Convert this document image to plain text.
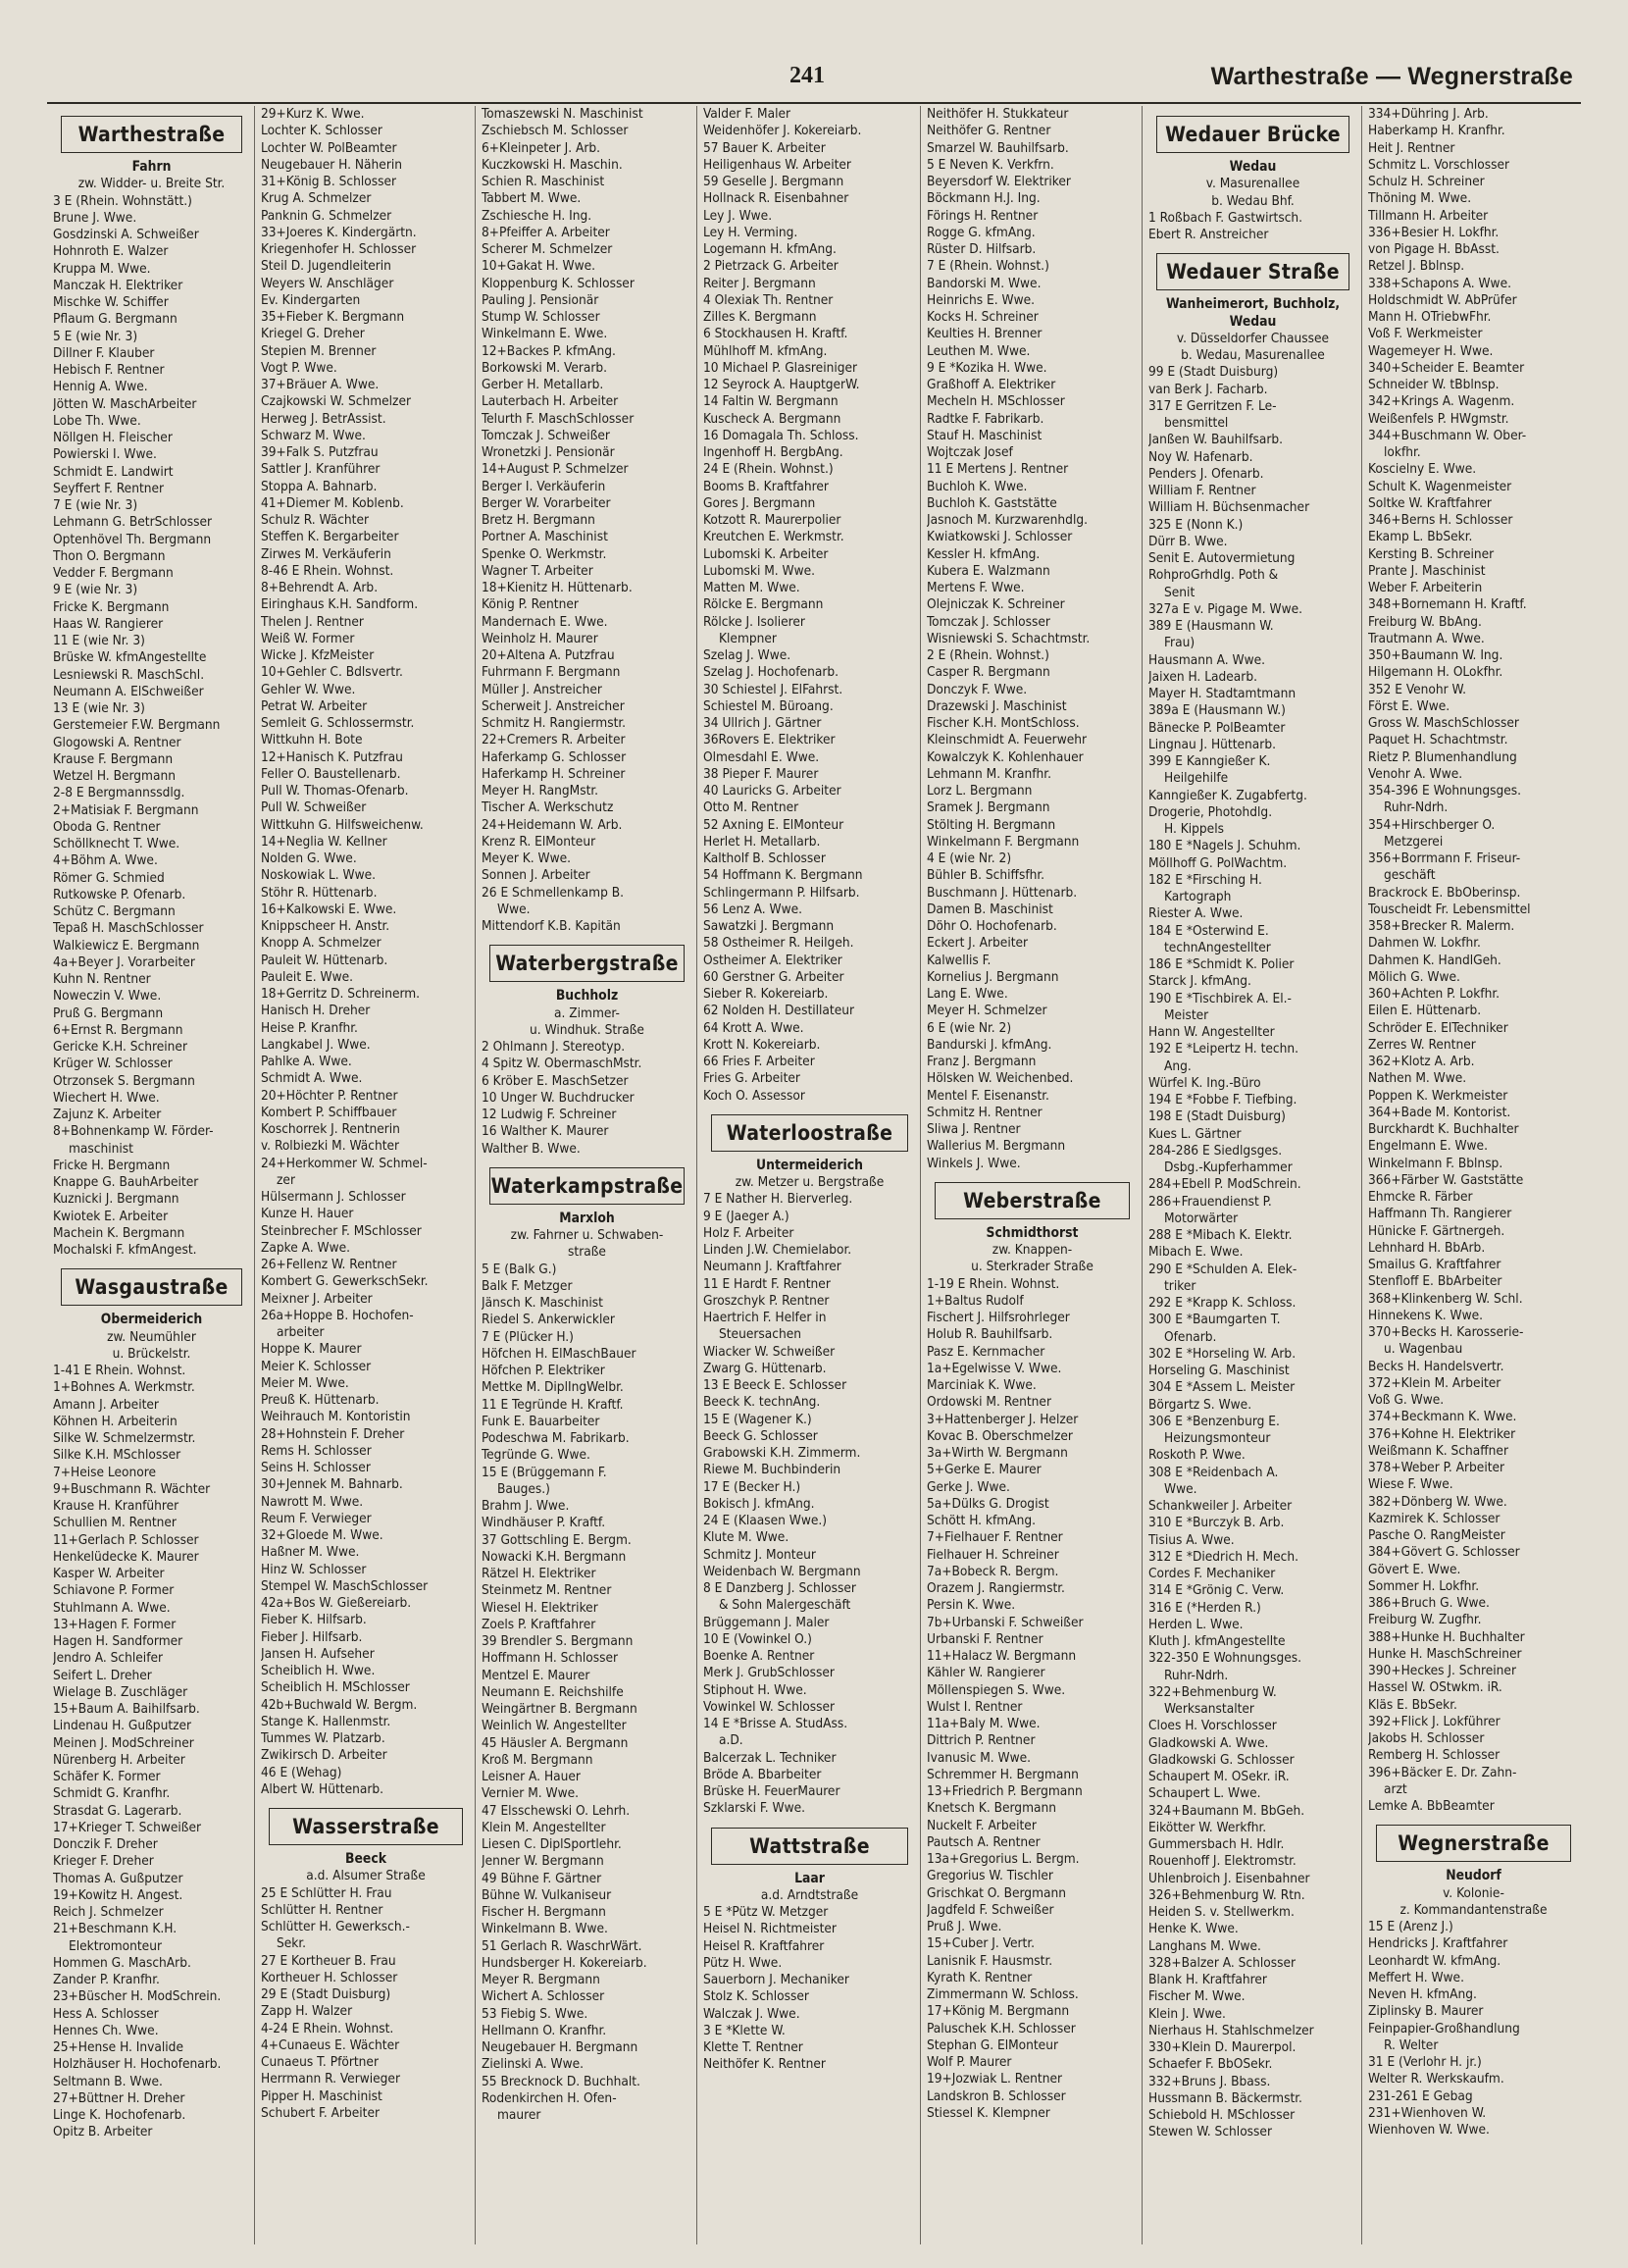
241	Warthestraße — Wegnerstraße
Warthestraße
Fahrn
zw. Widder- u. Breite Str.
3 E (Rhein. Wohnstätt.)
Brune J. Wwe.
Gosdzinski A. Schweißer
Hohnroth E. Walzer
Kruppa M. Wwe.
Manczak H. Elektriker
Mischke W. Schiffer
Pflaum G. Bergmann
5 E (wie Nr. 3)
Dillner F. Klauber
Hebisch F. Rentner
Hennig A. Wwe.
Jötten W. MaschArbeiter
Lobe Th. Wwe.
Nöllgen H. Fleischer
Powierski I. Wwe.
Schmidt E. Landwirt
Seyffert F. Rentner
7 E (wie Nr. 3)
Lehmann G. BetrSchlosser
Optenhövel Th. Bergmann
Thon O. Bergmann
Vedder F. Bergmann
9 E (wie Nr. 3)
Fricke K. Bergmann
Haas W. Rangierer
11 E (wie Nr. 3)
Brüske W. kfmAngestellte
Lesniewski R. MaschSchl.
Neumann A. ElSchweißer
13 E (wie Nr. 3)
Gerstemeier F.W. Bergmann
Glogowski A. Rentner
Krause F. Bergmann
Wetzel H. Bergmann
2-8 E Bergmannssdlg.
2+Matisiak F. Bergmann
Oboda G. Rentner
Schöllknecht T. Wwe.
4+Böhm A. Wwe.
Römer G. Schmied
Rutkowske P. Ofenarb.
Schütz C. Bergmann
Tepaß H. MaschSchlosser
Walkiewicz E. Bergmann
4a+Beyer J. Vorarbeiter
Kuhn N. Rentner
Noweczin V. Wwe.
Pruß G. Bergmann
6+Ernst R. Bergmann
Gericke K.H. Schreiner
Krüger W. Schlosser
Otrzonsek S. Bergmann
Wiechert H. Wwe.
Zajunz K. Arbeiter
8+Bohnenkamp W. Förder-
maschinist
Fricke H. Bergmann
Knappe G. BauhArbeiter
Kuznicki J. Bergmann
Kwiotek E. Arbeiter
Machein K. Bergmann
Mochalski F. kfmAngest.
Wasgaustraße
Obermeiderich
zw. Neumühler
u. Brückelstr.
1-41 E Rhein. Wohnst.
1+Bohnes A. Werkmstr.
Amann J. Arbeiter
Köhnen H. Arbeiterin
Silke W. Schmelzermstr.
Silke K.H. MSchlosser
7+Heise Leonore
9+Buschmann R. Wächter
Krause H. Kranführer
Schullien M. Rentner
11+Gerlach P. Schlosser
Henkelüdecke K. Maurer
Kasper W. Arbeiter
Schiavone P. Former
Stuhlmann A. Wwe.
13+Hagen F. Former
Hagen H. Sandformer
Jendro A. Schleifer
Seifert L. Dreher
Wielage B. Zuschläger
15+Baum A. Baihilfsarb.
Lindenau H. Gußputzer
Meinen J. ModSchreiner
Nürenberg H. Arbeiter
Schäfer K. Former
Schmidt G. Kranfhr.
Strasdat G. Lagerarb.
17+Krieger T. Schweißer
Donczik F. Dreher
Krieger F. Dreher
Thomas A. Gußputzer
19+Kowitz H. Angest.
Reich J. Schmelzer
21+Beschmann K.H.
Elektromonteur
Hommen G. MaschArb.
Zander P. Kranfhr.
23+Büscher H. ModSchrein.
Hess A. Schlosser
Hennes Ch. Wwe.
25+Hense H. Invalide
Holzhäuser H. Hochofenarb.
Seltmann B. Wwe.
27+Büttner H. Dreher
Linge K. Hochofenarb.
Opitz B. Arbeiter
29+Kurz K. Wwe.
Lochter K. Schlosser
Lochter W. PolBeamter
Neugebauer H. Näherin
31+König B. Schlosser
Krug A. Schmelzer
Panknin G. Schmelzer
33+Joeres K. Kindergärtn.
Kriegenhofer H. Schlosser
Steil D. Jugendleiterin
Weyers W. Anschläger
Ev. Kindergarten
35+Fieber K. Bergmann
Kriegel G. Dreher
Stepien M. Brenner
Vogt P. Wwe.
37+Bräuer A. Wwe.
Czajkowski W. Schmelzer
Herweg J. BetrAssist.
Schwarz M. Wwe.
39+Falk S. Putzfrau
Sattler J. Kranführer
Stoppa A. Bahnarb.
41+Diemer M. Koblenb.
Schulz R. Wächter
Steffen K. Bergarbeiter
Zirwes M. Verkäuferin
8-46 E Rhein. Wohnst.
8+Behrendt A. Arb.
Eiringhaus K.H. Sandform.
Thelen J. Rentner
Weiß W. Former
Wicke J. KfzMeister
10+Gehler C. Bdlsvertr.
Gehler W. Wwe.
Petrat W. Arbeiter
Semleit G. Schlossermstr.
Wittkuhn H. Bote
12+Hanisch K. Putzfrau
Feller O. Baustellenarb.
Pull W. Thomas-Ofenarb.
Pull W. Schweißer
Wittkuhn G. Hilfsweichenw.
14+Neglia W. Kellner
Nolden G. Wwe.
Noskowiak L. Wwe.
Stöhr R. Hüttenarb.
16+Kalkowski E. Wwe.
Knippscheer H. Anstr.
Knopp A. Schmelzer
Pauleit W. Hüttenarb.
Pauleit E. Wwe.
18+Gerritz D. Schreinerm.
Hanisch H. Dreher
Heise P. Kranfhr.
Langkabel J. Wwe.
Pahlke A. Wwe.
Schmidt A. Wwe.
20+Höchter P. Rentner
Kombert P. Schiffbauer
Koschorrek J. Rentnerin
v. Rolbiezki M. Wächter
24+Herkommer W. Schmel-
zer
Hülsermann J. Schlosser
Kunze H. Hauer
Steinbrecher F. MSchlosser
Zapke A. Wwe.
26+Fellenz W. Rentner
Kombert G. GewerkschSekr.
Meixner J. Arbeiter
26a+Hoppe B. Hochofen-
arbeiter
Hoppe K. Maurer
Meier K. Schlosser
Meier M. Wwe.
Preuß K. Hüttenarb.
Weihrauch M. Kontoristin
28+Hohnstein F. Dreher
Rems H. Schlosser
Seins H. Schlosser
30+Jennek M. Bahnarb.
Nawrott M. Wwe.
Reum F. Verwieger
32+Gloede M. Wwe.
Haßner M. Wwe.
Hinz W. Schlosser
Stempel W. MaschSchlosser
42a+Bos W. Gießereiarb.
Fieber K. Hilfsarb.
Fieber J. Hilfsarb.
Jansen H. Aufseher
Scheiblich H. Wwe.
Scheiblich H. MSchlosser
42b+Buchwald W. Bergm.
Stange K. Hallenmstr.
Tummes W. Platzarb.
Zwikirsch D. Arbeiter
46 E (Wehag)
Albert W. Hüttenarb.
Wasserstraße
Beeck
a.d. Alsumer Straße
25 E Schlütter H. Frau
Schlütter H. Rentner
Schlütter H. Gewerksch.-
Sekr.
27 E Kortheuer B. Frau
Kortheuer H. Schlosser
29 E (Stadt Duisburg)
Zapp H. Walzer
4-24 E Rhein. Wohnst.
4+Cunaeus E. Wächter
Cunaeus T. Pförtner
Herrmann R. Verwieger
Pipper H. Maschinist
Schubert F. Arbeiter
Tomaszewski N. Maschinist
Zschiebsch M. Schlosser
6+Kleinpeter J. Arb.
Kuczkowski H. Maschin.
Schien R. Maschinist
Tabbert M. Wwe.
Zschiesche H. Ing.
8+Pfeiffer A. Arbeiter
Scherer M. Schmelzer
10+Gakat H. Wwe.
Kloppenburg K. Schlosser
Pauling J. Pensionär
Stump W. Schlosser
Winkelmann E. Wwe.
12+Backes P. kfmAng.
Borkowski M. Verarb.
Gerber H. Metallarb.
Lauterbach H. Arbeiter
Telurth F. MaschSchlosser
Tomczak J. Schweißer
Wronetzki J. Pensionär
14+August P. Schmelzer
Berger I. Verkäuferin
Berger W. Vorarbeiter
Bretz H. Bergmann
Portner A. Maschinist
Spenke O. Werkmstr.
Wagner T. Arbeiter
18+Kienitz H. Hüttenarb.
König P. Rentner
Mandernach E. Wwe.
Weinholz H. Maurer
20+Altena A. Putzfrau
Fuhrmann F. Bergmann
Müller J. Anstreicher
Scherweit J. Anstreicher
Schmitz H. Rangiermstr.
22+Cremers R. Arbeiter
Haferkamp G. Schlosser
Haferkamp H. Schreiner
Meyer H. RangMstr.
Tischer A. Werkschutz
24+Heidemann W. Arb.
Krenz R. ElMonteur
Meyer K. Wwe.
Sonnen J. Arbeiter
26 E Schmellenkamp B.
Wwe.
Mittendorf K.B. Kapitän
Waterbergstraße
Buchholz
a. Zimmer-
u. Windhuk. Straße
2 Ohlmann J. Stereotyp.
4 Spitz W. ObermaschMstr.
6 Kröber E. MaschSetzer
10 Unger W. Buchdrucker
12 Ludwig F. Schreiner
16 Walther K. Maurer
Walther B. Wwe.
Waterkampstraße
Marxloh
zw. Fahrner u. Schwaben-
straße
5 E (Balk G.)
Balk F. Metzger
Jänsch K. Maschinist
Riedel S. Ankerwickler
7 E (Plücker H.)
Höfchen H. ElMaschBauer
Höfchen P. Elektriker
Mettke M. DiplIngWelbr.
11 E Tegründe H. Kraftf.
Funk E. Bauarbeiter
Podeschwa M. Fabrikarb.
Tegründe G. Wwe.
15 E (Brüggemann F.
Bauges.)
Brahm J. Wwe.
Windhäuser P. Kraftf.
37 Gottschling E. Bergm.
Nowacki K.H. Bergmann
Rätzel H. Elektriker
Steinmetz M. Rentner
Wiesel H. Elektriker
Zoels P. Kraftfahrer
39 Brendler S. Bergmann
Hoffmann H. Schlosser
Mentzel E. Maurer
Neumann E. Reichshilfe
Weingärtner B. Bergmann
Weinlich W. Angestellter
45 Häusler A. Bergmann
Kroß M. Bergmann
Leisner A. Hauer
Vernier M. Wwe.
47 Elsschewski O. Lehrh.
Klein M. Angestellter
Liesen C. DiplSportlehr.
Jenner W. Bergmann
49 Bühne F. Gärtner
Bühne W. Vulkaniseur
Fischer H. Bergmann
Winkelmann B. Wwe.
51 Gerlach R. WaschrWärt.
Hundsberger H. Kokereiarb.
Meyer R. Bergmann
Wichert A. Schlosser
53 Fiebig S. Wwe.
Hellmann O. Kranfhr.
Neugebauer H. Bergmann
Zielinski A. Wwe.
55 Brecknock D. Buchhalt.
Rodenkirchen H. Ofen-
maurer
Valder F. Maler
Weidenhöfer J. Kokereiarb.
57 Bauer K. Arbeiter
Heiligenhaus W. Arbeiter
59 Geselle J. Bergmann
Hollnack R. Eisenbahner
Ley J. Wwe.
Ley H. Verming.
Logemann H. kfmAng.
2 Pietrzack G. Arbeiter
Reiter J. Bergmann
4 Olexiak Th. Rentner
Zilles K. Bergmann
6 Stockhausen H. Kraftf.
Mühlhoff M. kfmAng.
10 Michael P. Glasreiniger
12 Seyrock A. HauptgerW.
14 Faltin W. Bergmann
Kuscheck A. Bergmann
16 Domagala Th. Schloss.
Ingenhoff H. BergbAng.
24 E (Rhein. Wohnst.)
Booms B. Kraftfahrer
Gores J. Bergmann
Kotzott R. Maurerpolier
Kreutchen E. Werkmstr.
Lubomski K. Arbeiter
Lubomski M. Wwe.
Matten M. Wwe.
Rölcke E. Bergmann
Rölcke J. Isolierer
Klempner
Szelag J. Wwe.
Szelag J. Hochofenarb.
30 Schiestel J. ElFahrst.
Schiestel M. Büroang.
34 Ullrich J. Gärtner
36Rovers E. Elektriker
Olmesdahl E. Wwe.
38 Pieper F. Maurer
40 Lauricks G. Arbeiter
Otto M. Rentner
52 Axning E. ElMonteur
Herlet H. Metallarb.
Kaltholf B. Schlosser
54 Hoffmann K. Bergmann
Schlingermann P. Hilfsarb.
56 Lenz A. Wwe.
Sawatzki J. Bergmann
58 Ostheimer R. Heilgeh.
Ostheimer A. Elektriker
60 Gerstner G. Arbeiter
Sieber R. Kokereiarb.
62 Nolden H. Destillateur
64 Krott A. Wwe.
Krott N. Kokereiarb.
66 Fries F. Arbeiter
Fries G. Arbeiter
Koch O. Assessor
Waterloostraße
Untermeiderich
zw. Metzer u. Bergstraße
7 E Nather H. Bierverleg.
9 E (Jaeger A.)
Holz F. Arbeiter
Linden J.W. Chemielabor.
Neumann J. Kraftfahrer
11 E Hardt F. Rentner
Groszchyk P. Rentner
Haertrich F. Helfer in
Steuersachen
Wiacker W. Schweißer
Zwarg G. Hüttenarb.
13 E Beeck E. Schlosser
Beeck K. technAng.
15 E (Wagener K.)
Beeck G. Schlosser
Grabowski K.H. Zimmerm.
Riewe M. Buchbinderin
17 E (Becker H.)
Bokisch J. kfmAng.
24 E (Klaasen Wwe.)
Klute M. Wwe.
Schmitz J. Monteur
Weidenbach W. Bergmann
8 E Danzberg J. Schlosser
& Sohn Malergeschäft
Brüggemann J. Maler
10 E (Vowinkel O.)
Boenke A. Rentner
Merk J. GrubSchlosser
Stiphout H. Wwe.
Vowinkel W. Schlosser
14 E *Brisse A. StudAss.
a.D.
Balcerzak L. Techniker
Bröde A. Bbarbeiter
Brüske H. FeuerMaurer
Szklarski F. Wwe.
Wattstraße
Laar
a.d. Arndtstraße
5 E *Pütz W. Metzger
Heisel N. Richtmeister
Heisel R. Kraftfahrer
Pütz H. Wwe.
Sauerborn J. Mechaniker
Stolz K. Schlosser
Walczak J. Wwe.
3 E *Klette W.
Klette T. Rentner
Neithöfer K. Rentner
Neithöfer H. Stukkateur
Neithöfer G. Rentner
Smarzel W. Bauhilfsarb.
5 E Neven K. Verkfrn.
Beyersdorf W. Elektriker
Böckmann H.J. Ing.
Förings H. Rentner
Rogge G. kfmAng.
Rüster D. Hilfsarb.
7 E (Rhein. Wohnst.)
Bandorski M. Wwe.
Heinrichs E. Wwe.
Kocks H. Schreiner
Keulties H. Brenner
Leuthen M. Wwe.
9 E *Kozika H. Wwe.
Graßhoff A. Elektriker
Mecheln H. MSchlosser
Radtke F. Fabrikarb.
Stauf H. Maschinist
Wojtczak Josef
11 E Mertens J. Rentner
Buchloh K. Wwe.
Buchloh K. Gaststätte
Jasnoch M. Kurzwarenhdlg.
Kwiatkowski J. Schlosser
Kessler H. kfmAng.
Kubera E. Walzmann
Mertens F. Wwe.
Olejniczak K. Schreiner
Tomczak J. Schlosser
Wisniewski S. Schachtmstr.
2 E (Rhein. Wohnst.)
Casper R. Bergmann
Donczyk F. Wwe.
Drazewski J. Maschinist
Fischer K.H. MontSchloss.
Kleinschmidt A. Feuerwehr
Kowalczyk K. Kohlenhauer
Lehmann M. Kranfhr.
Lorz L. Bergmann
Sramek J. Bergmann
Stölting H. Bergmann
Winkelmann F. Bergmann
4 E (wie Nr. 2)
Bühler B. Schiffsfhr.
Buschmann J. Hüttenarb.
Damen B. Maschinist
Döhr O. Hochofenarb.
Eckert J. Arbeiter
Kalwellis F.
Kornelius J. Bergmann
Lang E. Wwe.
Meyer H. Schmelzer
6 E (wie Nr. 2)
Bandurski J. kfmAng.
Franz J. Bergmann
Hölsken W. Weichenbed.
Mentel F. Eisenanstr.
Schmitz H. Rentner
Sliwa J. Rentner
Wallerius M. Bergmann
Winkels J. Wwe.
Weberstraße
Schmidthorst
zw. Knappen-
u. Sterkrader Straße
1-19 E Rhein. Wohnst.
1+Baltus Rudolf
Fischert J. Hilfsrohrleger
Holub R. Bauhilfsarb.
Pasz E. Kernmacher
1a+Egelwisse V. Wwe.
Marciniak K. Wwe.
Ordowski M. Rentner
3+Hattenberger J. Helzer
Kovac B. Oberschmelzer
3a+Wirth W. Bergmann
5+Gerke E. Maurer
Gerke J. Wwe.
5a+Dülks G. Drogist
Schött H. kfmAng.
7+Fielhauer F. Rentner
Fielhauer H. Schreiner
7a+Bobeck R. Bergm.
Orazem J. Rangiermstr.
Persin K. Wwe.
7b+Urbanski F. Schweißer
Urbanski F. Rentner
11+Halacz W. Bergmann
Kähler W. Rangierer
Möllenspiegen S. Wwe.
Wulst I. Rentner
11a+Baly M. Wwe.
Dittrich P. Rentner
Ivanusic M. Wwe.
Schremmer H. Bergmann
13+Friedrich P. Bergmann
Knetsch K. Bergmann
Nuckelt F. Arbeiter
Pautsch A. Rentner
13a+Gregorius L. Bergm.
Gregorius W. Tischler
Grischkat O. Bergmann
Jagdfeld F. Schweißer
Pruß J. Wwe.
15+Cuber J. Vertr.
Lanisnik F. Hausmstr.
Kyrath K. Rentner
Zimmermann W. Schloss.
17+König M. Bergmann
Paluschek K.H. Schlosser
Stephan G. ElMonteur
Wolf P. Maurer
19+Jozwiak L. Rentner
Landskron B. Schlosser
Stiessel K. Klempner
Wedauer Brücke
Wedau
v. Masurenallee
b. Wedau Bhf.
1 Roßbach F. Gastwirtsch.
Ebert R. Anstreicher
Wedauer Straße
Wanheimerort, Buchholz,
Wedau
v. Düsseldorfer Chaussee
b. Wedau, Masurenallee
99 E (Stadt Duisburg)
van Berk J. Facharb.
317 E Gerritzen F. Le-
bensmittel
Janßen W. Bauhilfsarb.
Noy W. Hafenarb.
Penders J. Ofenarb.
William F. Rentner
William H. Büchsenmacher
325 E (Nonn K.)
Dürr B. Wwe.
Senit E. Autovermietung
RohproGrhdlg. Poth &
Senit
327a E v. Pigage M. Wwe.
389 E (Hausmann W.
Frau)
Hausmann A. Wwe.
Jaixen H. Ladearb.
Mayer H. Stadtamtmann
389a E (Hausmann W.)
Bänecke P. PolBeamter
Lingnau J. Hüttenarb.
399 E Kanngießer K.
Heilgehilfe
Kanngießer K. Zugabfertg.
Drogerie, Photohdlg.
H. Kippels
180 E *Nagels J. Schuhm.
Möllhoff G. PolWachtm.
182 E *Firsching H.
Kartograph
Riester A. Wwe.
184 E *Osterwind E.
technAngestellter
186 E *Schmidt K. Polier
Starck J. kfmAng.
190 E *Tischbirek A. El.-
Meister
Hann W. Angestellter
192 E *Leipertz H. techn.
Ang.
Würfel K. Ing.-Büro
194 E *Fobbe F. Tiefbing.
198 E (Stadt Duisburg)
Kues L. Gärtner
284-286 E Siedlgsges.
Dsbg.-Kupferhammer
284+Ebell P. ModSchrein.
286+Frauendienst P.
Motorwärter
288 E *Mibach K. Elektr.
Mibach E. Wwe.
290 E *Schulden A. Elek-
triker
292 E *Krapp K. Schloss.
300 E *Baumgarten T.
Ofenarb.
302 E *Horseling W. Arb.
Horseling G. Maschinist
304 E *Assem L. Meister
Börgartz S. Wwe.
306 E *Benzenburg E.
Heizungsmonteur
Roskoth P. Wwe.
308 E *Reidenbach A.
Wwe.
Schankweiler J. Arbeiter
310 E *Burczyk B. Arb.
Tisius A. Wwe.
312 E *Diedrich H. Mech.
Cordes F. Mechaniker
314 E *Grönig C. Verw.
316 E (*Herden R.)
Herden L. Wwe.
Kluth J. kfmAngestellte
322-350 E Wohnungsges.
Ruhr-Ndrh.
322+Behmenburg W.
Werksanstalter
Cloes H. Vorschlosser
Gladkowski A. Wwe.
Gladkowski G. Schlosser
Schaupert M. OSekr. iR.
Schaupert L. Wwe.
324+Baumann M. BbGeh.
Eikötter W. Werkfhr.
Gummersbach H. Hdlr.
Rouenhoff J. Elektromstr.
Uhlenbroich J. Eisenbahner
326+Behmenburg W. Rtn.
Heiden S. v. Stellwerkm.
Henke K. Wwe.
Langhans M. Wwe.
328+Balzer A. Schlosser
Blank H. Kraftfahrer
Fischer M. Wwe.
Klein J. Wwe.
Nierhaus H. Stahlschmelzer
330+Klein D. Maurerpol.
Schaefer F. BbOSekr.
332+Bruns J. Bbass.
Hussmann B. Bäckermstr.
Schiebold H. MSchlosser
Stewen W. Schlosser
334+Dühring J. Arb.
Haberkamp H. Kranfhr.
Heit J. Rentner
Schmitz L. Vorschlosser
Schulz H. Schreiner
Thöning M. Wwe.
Tillmann H. Arbeiter
336+Besier H. Lokfhr.
von Pigage H. BbAsst.
Retzel J. Bblnsp.
338+Schapons A. Wwe.
Holdschmidt W. AbPrüfer
Mann H. OTriebwFhr.
Voß F. Werkmeister
Wagemeyer H. Wwe.
340+Scheider E. Beamter
Schneider W. tBblnsp.
342+Krings A. Wagenm.
Weißenfels P. HWgmstr.
344+Buschmann W. Ober-
lokfhr.
Koscielny E. Wwe.
Schult K. Wagenmeister
Soltke W. Kraftfahrer
346+Berns H. Schlosser
Ekamp L. BbSekr.
Kersting B. Schreiner
Prante J. Maschinist
Weber F. Arbeiterin
348+Bornemann H. Kraftf.
Freiburg W. BbAng.
Trautmann A. Wwe.
350+Baumann W. Ing.
Hilgemann H. OLokfhr.
352 E Venohr W.
Först E. Wwe.
Gross W. MaschSchlosser
Paquet H. Schachtmstr.
Rietz P. Blumenhandlung
Venohr A. Wwe.
354-396 E Wohnungsges.
Ruhr-Ndrh.
354+Hirschberger O.
Metzgerei
356+Borrmann F. Friseur-
geschäft
Brackrock E. BbOberinsp.
Touscheidt Fr. Lebensmittel
358+Brecker R. Malerm.
Dahmen W. Lokfhr.
Dahmen K. HandlGeh.
Mölich G. Wwe.
360+Achten P. Lokfhr.
Eilen E. Hüttenarb.
Schröder E. ElTechniker
Zerres W. Rentner
362+Klotz A. Arb.
Nathen M. Wwe.
Poppen K. Werkmeister
364+Bade M. Kontorist.
Burckhardt K. Buchhalter
Engelmann E. Wwe.
Winkelmann F. Bblnsp.
366+Färber W. Gaststätte
Ehmcke R. Färber
Haffmann Th. Rangierer
Hünicke F. Gärtnergeh.
Lehnhard H. BbArb.
Smailus G. Kraftfahrer
Stenfloff E. BbArbeiter
368+Klinkenberg W. Schl.
Hinnekens K. Wwe.
370+Becks H. Karosserie-
u. Wagenbau
Becks H. Handelsvertr.
372+Klein M. Arbeiter
Voß G. Wwe.
374+Beckmann K. Wwe.
376+Kohne H. Elektriker
Weißmann K. Schaffner
378+Weber P. Arbeiter
Wiese F. Wwe.
382+Dönberg W. Wwe.
Kazmirek K. Schlosser
Pasche O. RangMeister
384+Gövert G. Schlosser
Gövert E. Wwe.
Sommer H. Lokfhr.
386+Bruch G. Wwe.
Freiburg W. Zugfhr.
388+Hunke H. Buchhalter
Hunke H. MaschSchreiner
390+Heckes J. Schreiner
Hassel W. OStwkm. iR.
Kläs E. BbSekr.
392+Flick J. Lokführer
Jakobs H. Schlosser
Remberg H. Schlosser
396+Bäcker E. Dr. Zahn-
arzt
Lemke A. BbBeamter
Wegnerstraße
Neudorf
v. Kolonie-
z. Kommandantenstraße
15 E (Arenz J.)
Hendricks J. Kraftfahrer
Leonhardt W. kfmAng.
Meffert H. Wwe.
Neven H. kfmAng.
Ziplinsky B. Maurer
Feinpapier-Großhandlung
R. Welter
31 E (Verlohr H. jr.)
Welter R. Werkskaufm.
231-261 E Gebag
231+Wienhoven W.
Wienhoven W. Wwe.
